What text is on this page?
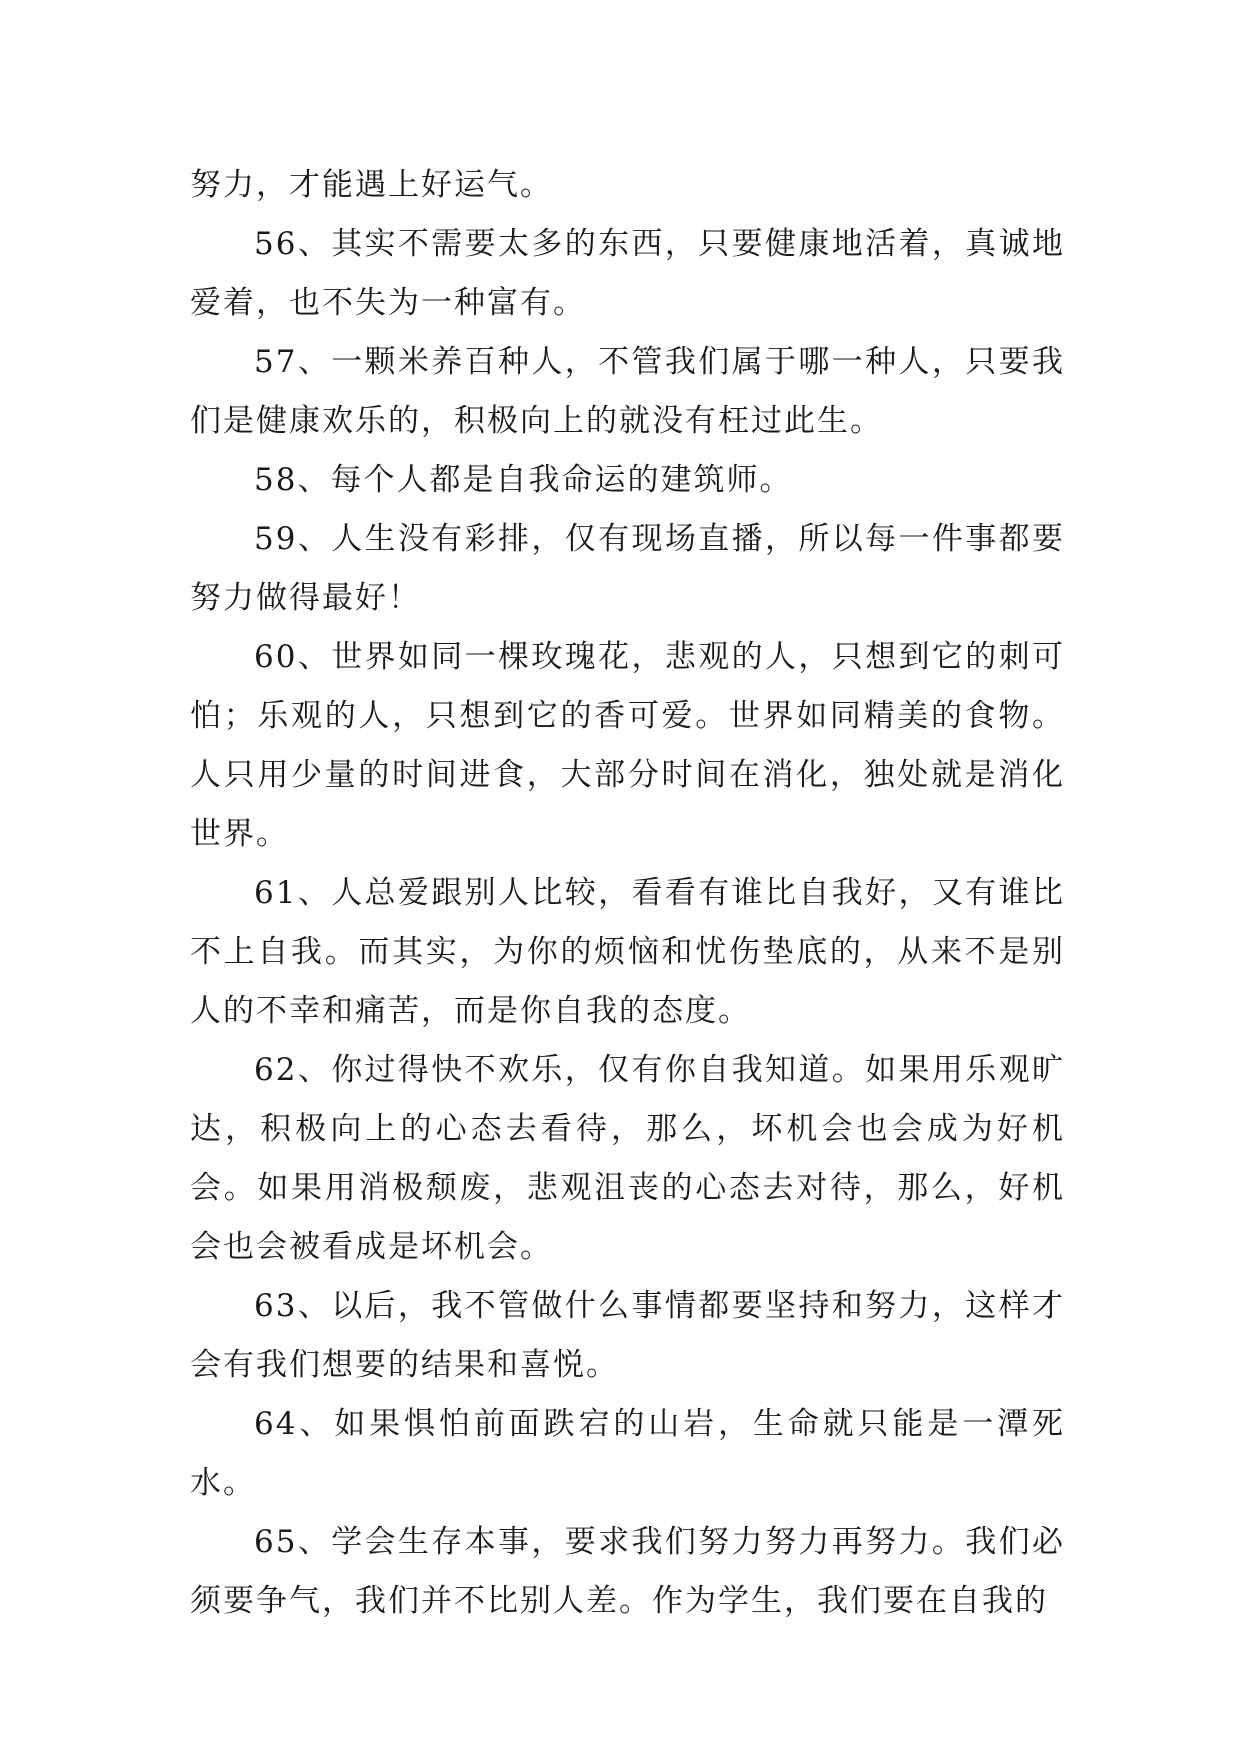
努力，才能遇上好运气。

56、其实不需要太多的东西，只要健康地活着，真诚地爱着，也不失为一种富有。

57、一颗米养百种人，不管我们属于哪一种人，只要我们是健康欢乐的，积极向上的就没有枉过此生。

58、每个人都是自我命运的建筑师。

59、人生没有彩排，仅有现场直播，所以每一件事都要努力做得最好！

60、世界如同一棵玫瑰花，悲观的人，只想到它的刺可怕；乐观的人，只想到它的香可爱。世界如同精美的食物。人只用少量的时间进食，大部分时间在消化，独处就是消化世界。

61、人总爱跟别人比较，看看有谁比自我好，又有谁比不上自我。而其实，为你的烦恼和忧伤垫底的，从来不是别人的不幸和痛苦，而是你自我的态度。

62、你过得快不欢乐，仅有你自我知道。如果用乐观旷达，积极向上的心态去看待，那么，坏机会也会成为好机会。如果用消极颓废，悲观沮丧的心态去对待，那么，好机会也会被看成是坏机会。

63、以后，我不管做什么事情都要坚持和努力，这样才会有我们想要的结果和喜悦。

64、如果惧怕前面跌宕的山岩，生命就只能是一潭死水。

65、学会生存本事，要求我们努力努力再努力。我们必须要争气，我们并不比别人差。作为学生，我们要在自我的
